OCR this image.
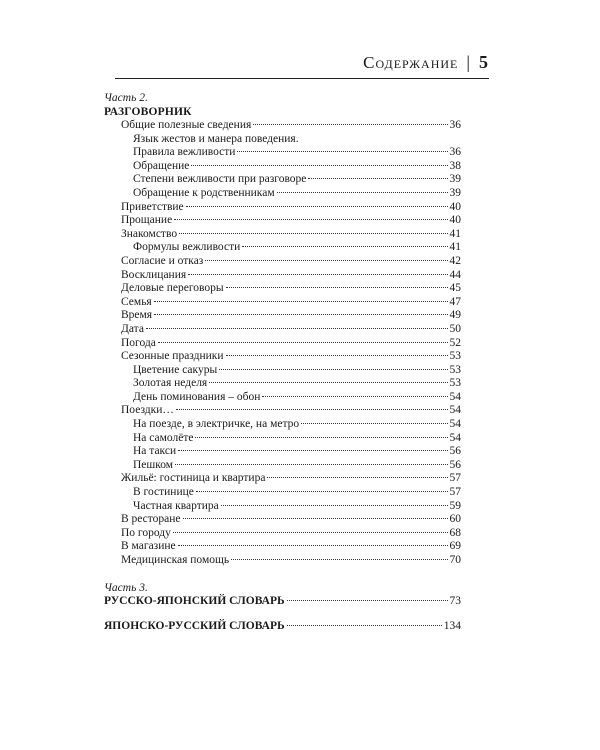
Содержание | 5
Часть 2.
РАЗГОВОРНИК
Общие полезные сведения	36
Язык жестов и манера поведения.
Правила вежливости	36
Обращение	38
Степени вежливости при разговоре	39
Обращение к родственникам	39
Приветствие	40
Прощание	40
Знакомство	41
Формулы вежливости	41
Согласие и отказ	42
Восклицания	44
Деловые переговоры	45
Семья	47
Время	49
Дата	50
Погода	52
Сезонные праздники	53
Цветение сакуры	53
Золотая неделя	53
День поминования – обон	54
Поездки…	54
На поезде, в электричке, на метро	54
На самолёте	54
На такси	56
Пешком	56
Жильё: гостиница и квартира	57
В гостинице	57
Частная квартира	59
В ресторане	60
По городу	68
В магазине	69
Медицинская помощь	70
Часть 3.
РУССКО-ЯПОНСКИЙ СЛОВАРЬ	73
ЯПОНСКО-РУССКИЙ СЛОВАРЬ	134
